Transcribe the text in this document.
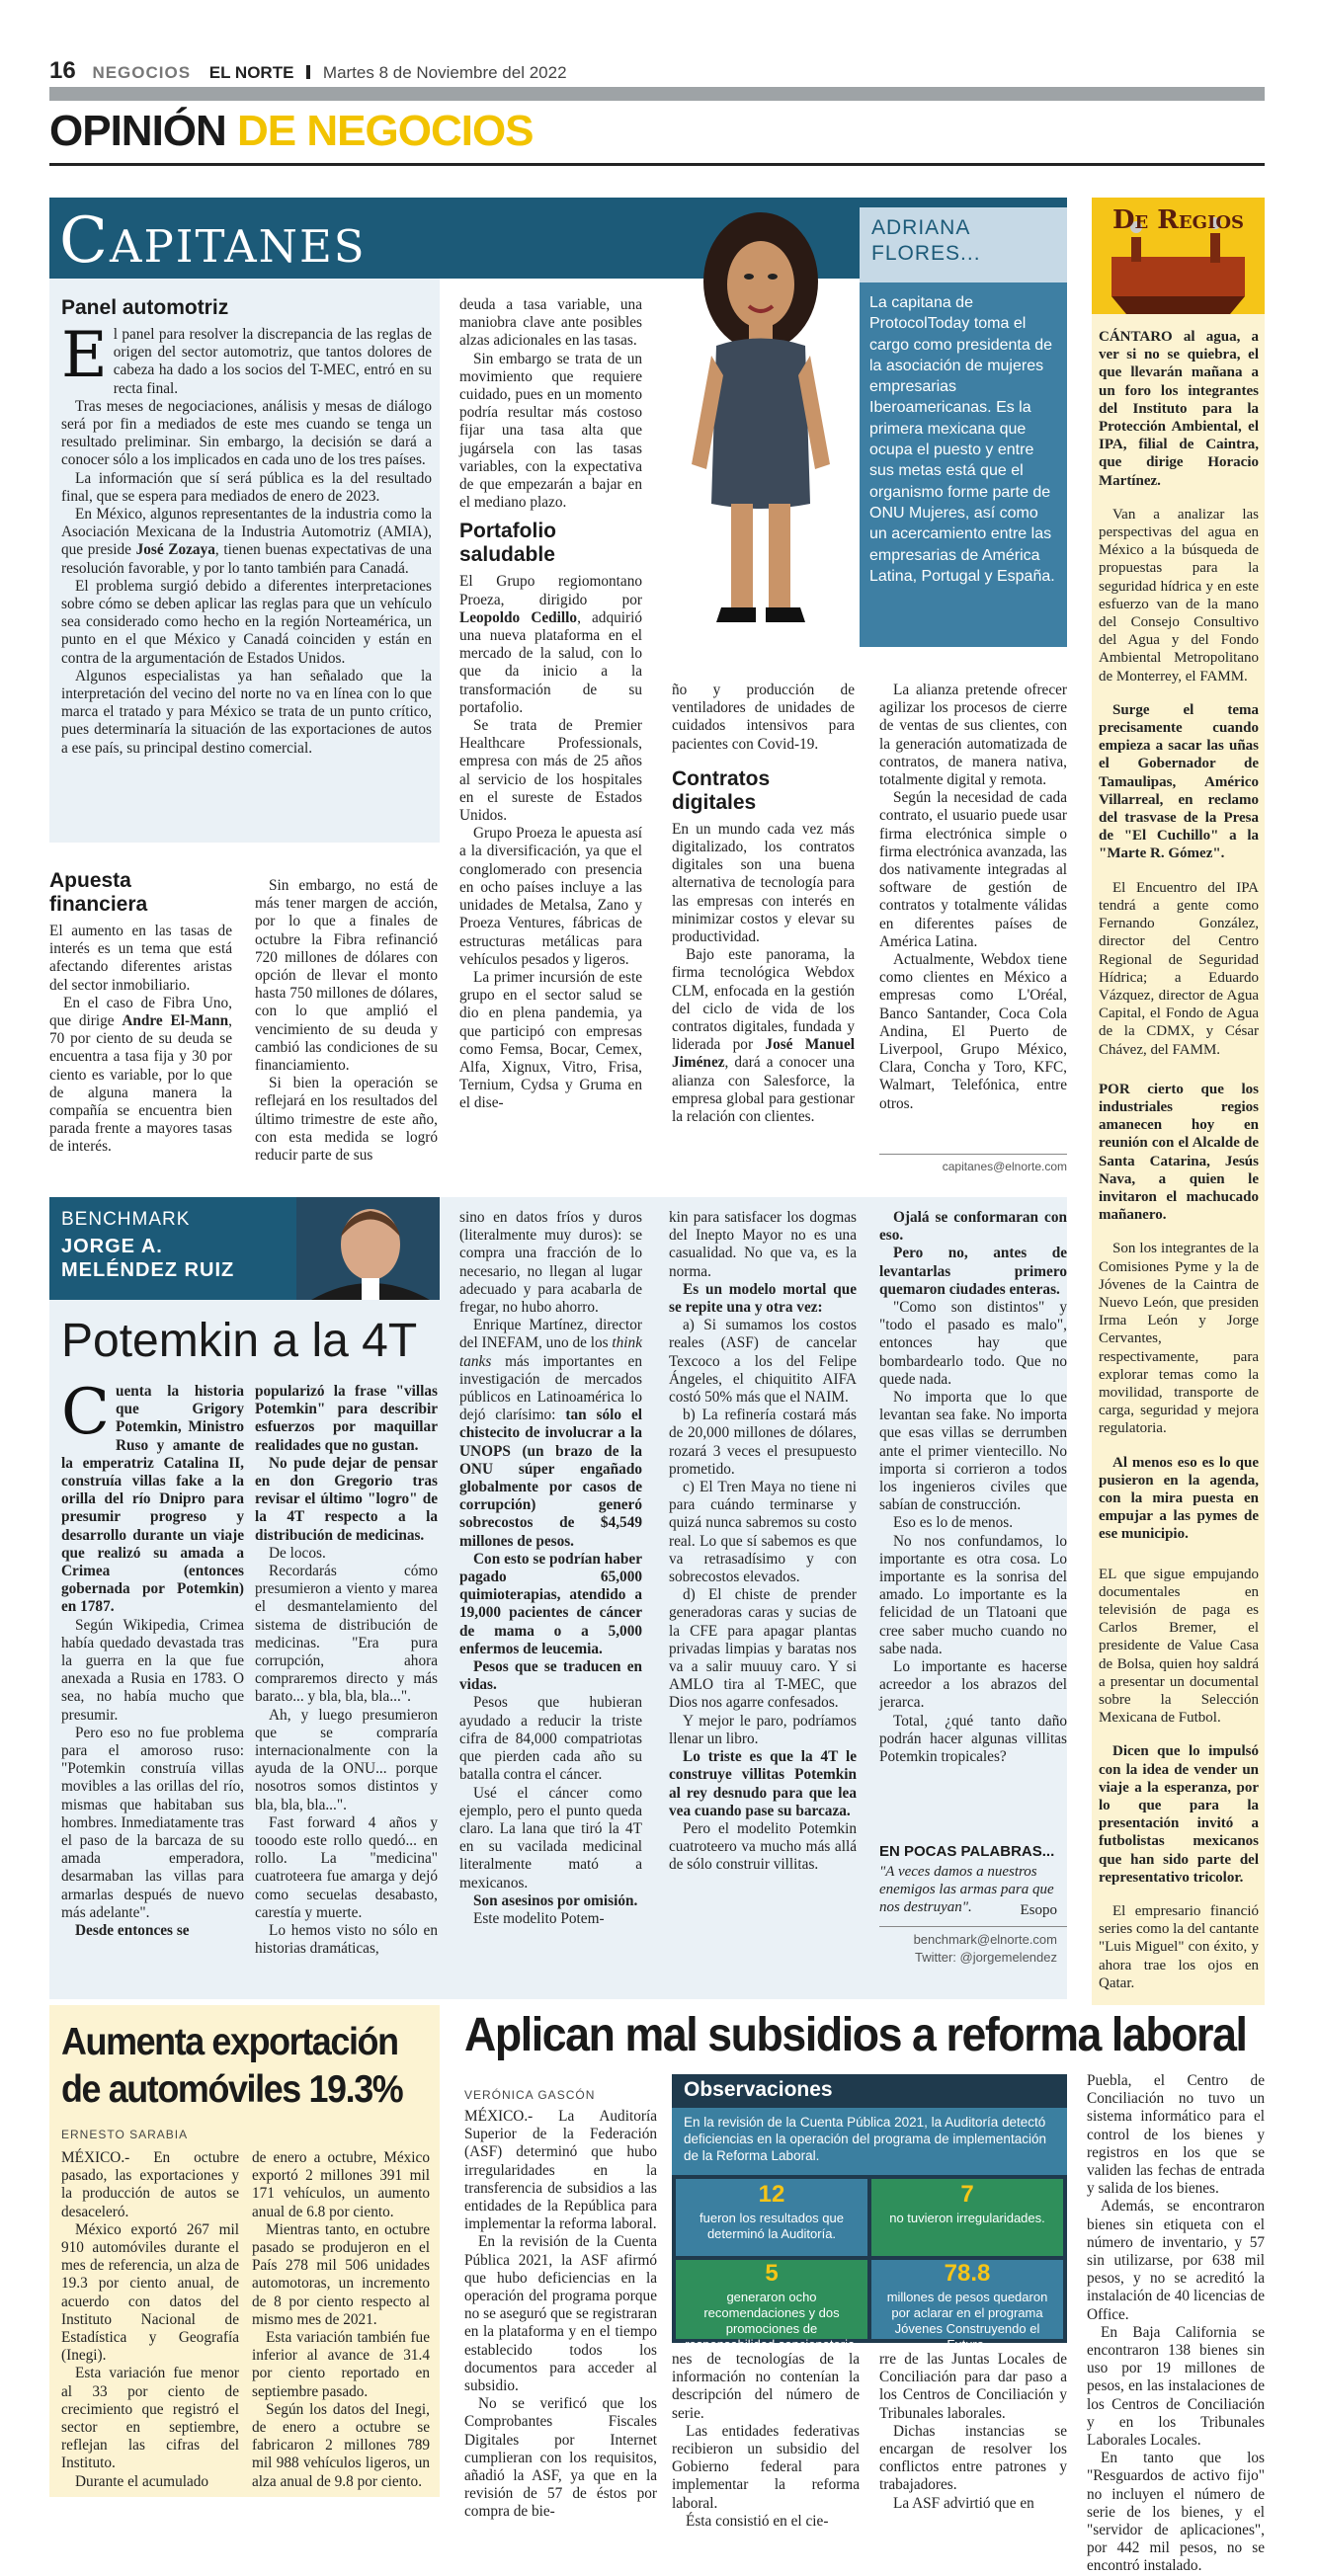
16 NEGOCIOS EL NORTE Martes 8 de Noviembre del 2022
OPINIÓN DE NEGOCIOS
Capitanes
Panel automotriz

El panel para resolver la discrepancia de las reglas de origen del sector automotriz, que tantos dolores de cabeza ha dado a los socios del T-MEC, entró en su recta final.

Tras meses de negociaciones, análisis y mesas de diálogo será por fin a mediados de este mes cuando se tenga un resultado preliminar. Sin embargo, la decisión se dará a conocer sólo a los implicados en cada uno de los tres países.

La información que sí será pública es la del resultado final, que se espera para mediados de enero de 2023.

En México, algunos representantes de la industria como la Asociación Mexicana de la Industria Automotriz (AMIA), que preside José Zozaya, tienen buenas expectativas de una resolución favorable, y por lo tanto también para Canadá.

El problema surgió debido a diferentes interpretaciones sobre cómo se deben aplicar las reglas para que un vehículo sea considerado como hecho en la región Norteamérica, un punto en el que México y Canadá coinciden y están en contra de la argumentación de Estados Unidos.

Algunos especialistas ya han señalado que la interpretación del vecino del norte no va en línea con lo que marca el tratado y para México se trata de un punto crítico, pues determinaría la situación de las exportaciones de autos a ese país, su principal destino comercial.

Apuesta financiera

El aumento en las tasas de interés es un tema que está afectando diferentes aristas del sector inmobiliario.

En el caso de Fibra Uno, que dirige Andre El-Mann, 70 por ciento de su deuda se encuentra a tasa fija y 30 por ciento es variable, por lo que de alguna manera la compañía se encuentra bien parada frente a mayores tasas de interés.

Sin embargo, no está de más tener margen de acción, por lo que a finales de octubre la Fibra refinanció 720 millones de dólares con opción de llevar el monto hasta 750 millones de dólares, con lo que amplió el vencimiento de su deuda y cambió las condiciones de su financiamiento.

Si bien la operación se reflejará en los resultados del último trimestre de este año, con esta medida se logró reducir parte de sus

deuda a tasa variable, una maniobra clave ante posibles alzas adicionales en las tasas.

Sin embargo se trata de un movimiento que requiere cuidado, pues en un momento podría resultar más costoso fijar una tasa alta que jugársela con las tasas variables, con la expectativa de que empezarán a bajar en el mediano plazo.

Portafolio saludable

El Grupo regiomontano Proeza, dirigido por Leopoldo Cedillo, adquirió una nueva plataforma en el mercado de la salud, con lo que da inicio a la transformación de su portafolio.

Se trata de Premier Healthcare Professionals, empresa con más de 25 años al servicio de los hospitales en el sureste de Estados Unidos.

Grupo Proeza le apuesta así a la diversificación, ya que el conglomerado con presencia en ocho países incluye a las unidades de Metalsa, Zano y Proeza Ventures, fábricas de estructuras metálicas para vehículos pesados y ligeros.

La primer incursión de este grupo en el sector salud se dio en plena pandemia, ya que participó con empresas como Femsa, Bocar, Cemex, Alfa, Xignux, Vitro, Frisa, Ternium, Cydsa y Gruma en el dise-

ADRIANA FLORES...
La capitana de ProtocolToday toma el cargo como presidenta de la asociación de mujeres empresarias Iberoamericanas. Es la primera mexicana que ocupa el puesto y entre sus metas está que el organismo forme parte de ONU Mujeres, así como un acercamiento entre las empresarias de América Latina, Portugal y España.

ño y producción de ventiladores de unidades de cuidados intensivos para pacientes con Covid-19.

Contratos digitales

En un mundo cada vez más digitalizado, los contratos digitales son una buena alternativa de tecnología para las empresas con interés en minimizar costos y elevar su productividad.

Bajo este panorama, la firma tecnológica Webdox CLM, enfocada en la gestión del ciclo de vida de los contratos digitales, fundada y liderada por José Manuel Jiménez, dará a conocer una alianza con Salesforce, la empresa global para gestionar la relación con clientes.

La alianza pretende ofrecer agilizar los procesos de cierre de ventas de sus clientes, con la generación automatizada de contratos, de manera nativa, totalmente digital y remota.

Según la necesidad de cada contrato, el usuario puede usar firma electrónica simple o firma electrónica avanzada, las dos nativamente integradas al software de gestión de contratos y totalmente válidas en diferentes países de América Latina.

Actualmente, Webdox tiene como clientes en México a empresas como L'Oréal, Banco Santander, Coca Cola Andina, El Puerto de Liverpool, Grupo México, Clara, Concha y Toro, KFC, Walmart, Telefónica, entre otros.

capitanes@elnorte.com
De Regios

CÁNTARO al agua, a ver si no se quiebra, el que llevarán mañana a un foro los integrantes del Instituto para la Protección Ambiental, el IPA, filial de Caintra, que dirige Horacio Martínez.

Van a analizar las perspectivas del agua en México a la búsqueda de propuestas para la seguridad hídrica y en este esfuerzo van de la mano del Consejo Consultivo del Agua y del Fondo Ambiental Metropolitano de Monterrey, el FAMM.

Surge el tema precisamente cuando empieza a sacar las uñas el Gobernador de Tamaulipas, Américo Villarreal, en reclamo del trasvase de la Presa de "El Cuchillo" a la "Marte R. Gómez".

El Encuentro del IPA tendrá a gente como Fernando González, director del Centro Regional de Seguridad Hídrica; a Eduardo Vázquez, director de Agua Capital, el Fondo de Agua de la CDMX, y César Chávez, del FAMM.

POR cierto que los industriales regios amanecen hoy en reunión con el Alcalde de Santa Catarina, Jesús Nava, a quien le invitaron el machucado mañanero.

Son los integrantes de la Comisiones Pyme y la de Jóvenes de la Caintra de Nuevo León, que presiden Irma León y Jorge Cervantes, respectivamente, para explorar temas como la movilidad, transporte de carga, seguridad y mejora regulatoria.

Al menos eso es lo que pusieron en la agenda, con la mira puesta en empujar a las pymes de ese municipio.

EL que sigue empujando documentales en televisión de paga es Carlos Bremer, el presidente de Value Casa de Bolsa, quien hoy saldrá a presentar un documental sobre la Selección Mexicana de Futbol.

Dicen que lo impulsó con la idea de vender un viaje a la esperanza, por lo que para la presentación invitó a futbolistas mexicanos que han sido parte del representativo tricolor.

El empresario financió series como la del cantante "Luis Miguel" con éxito, y ahora trae los ojos en Qatar.

BENCHMARK
JORGE A. MELÉNDEZ RUIZ
Potemkin a la 4T

Cuenta la historia que Grigory Potemkin, Ministro Ruso y amante de la emperatriz Catalina II, construía villas fake a la orilla del río Dnipro para presumir progreso y desarrollo durante un viaje que realizó su amada a Crimea (entonces gobernada por Potemkin) en 1787.

Según Wikipedia, Crimea había quedado devastada tras la guerra en la que fue anexada a Rusia en 1783. O sea, no había mucho que presumir.

Pero eso no fue problema para el amoroso ruso: "Potemkin construía villas movibles a las orillas del río, mismas que habitaban sus hombres. Inmediatamente tras el paso de la barcaza de su amada emperadora, desarmaban las villas para armarlas después de nuevo más adelante".

Desde entonces se

popularizó la frase "villas Potemkin" para describir esfuerzos por maquillar realidades que no gustan.

No pude dejar de pensar en don Gregorio tras revisar el último "logro" de la 4T respecto a la distribución de medicinas.

De locos.

Recordarás cómo presumieron a viento y marea el desmantelamiento del sistema de distribución de medicinas. "Era pura corrupción, ahora compraremos directo y más barato... y bla, bla, bla...".

Ah, y luego presumieron que se compraría internacionalmente con la ayuda de la ONU... porque nosotros somos distintos y bla, bla, bla...".

Fast forward 4 años y tooodo este rollo quedó... en rollo. La "medicina" cuatroteera fue amarga y dejó como secuelas desabasto, carestía y muerte.

Lo hemos visto no sólo en historias dramáticas,

sino en datos fríos y duros (literalmente muy duros): se compra una fracción de lo necesario, no llegan al lugar adecuado y para acabarla de fregar, no hubo ahorro.

Enrique Martínez, director del INEFAM, uno de los think tanks más importantes en investigación de mercados públicos en Latinoamérica lo dejó clarísimo: tan sólo el chistecito de involucrar a la UNOPS (un brazo de la ONU súper engañado globalmente por casos de corrupción) generó sobrecostos de $4,549 millones de pesos.

Con esto se podrían haber pagado 65,000 quimioterapias, atendido a 19,000 pacientes de cáncer de mama o a 5,000 enfermos de leucemia.

Pesos que se traducen en vidas.

Pesos que hubieran ayudado a reducir la triste cifra de 84,000 compatriotas que pierden cada año su batalla contra el cáncer.

Usé el cáncer como ejemplo, pero el punto queda claro. La lana que tiró la 4T en su vacilada medicinal literalmente mató a mexicanos.

Son asesinos por omisión.

Este modelito Potem-

kin para satisfacer los dogmas del Inepto Mayor no es una casualidad. No que va, es la norma.

Es un modelo mortal que se repite una y otra vez:

a) Si sumamos los costos reales (ASF) de cancelar Texcoco a los del Felipe Ángeles, el chiquitito AIFA costó 50% más que el NAIM.

b) La refinería costará más de 20,000 millones de dólares, rozará 3 veces el presupuesto prometido.

c) El Tren Maya no tiene ni para cuándo terminarse y quizá nunca sabremos su costo real. Lo que sí sabemos es que va retrasadísimo y con sobrecostos elevados.

d) El chiste de prender generadoras caras y sucias de la CFE para apagar plantas privadas limpias y baratas nos va a salir muuuy caro. Y si AMLO tira al T-MEC, que Dios nos agarre confesados.

Y mejor le paro, podríamos llenar un libro.

Lo triste es que la 4T le construye villitas Potemkin al rey desnudo para que lea vea cuando pase su barcaza.

Pero el modelito Potemkin cuatroteero va mucho más allá de sólo construir villitas.

Ojalá se conformaran con eso.

Pero no, antes de levantarlas primero quemaron ciudades enteras.

"Como son distintos" y "todo el pasado es malo", entonces hay que bombardearlo todo. Que no quede nada.

No importa que lo que levantan sea fake. No importa que esas villas se derrumben ante el primer vientecillo. No importa si corrieron a todos los ingenieros civiles que sabían de construcción.

Eso es lo de menos.

No nos confundamos, lo importante es otra cosa. Lo importante es la sonrisa del amado. Lo importante es la felicidad de un Tlatoani que cree saber mucho cuando no sabe nada.

Lo importante es hacerse acreedor a los abrazos del jerarca.

Total, ¿qué tanto daño podrán hacer algunas villitas Potemkin tropicales?

EN POCAS PALABRAS...
"A veces damos a nuestros enemigos las armas para que nos destruyan".	Esopo
benchmark@elnorte.com
Twitter: @jorgemelendez
Aumenta exportación de automóviles 19.3%
ERNESTO SARABIA

MÉXICO.- En octubre pasado, las exportaciones y la producción de autos se desaceleró.

México exportó 267 mil 910 automóviles durante el mes de referencia, un alza de 19.3 por ciento anual, de acuerdo con datos del Instituto Nacional de Estadística y Geografía (Inegi).

Esta variación fue menor al 33 por ciento de crecimiento que registró el sector en septiembre, reflejan las cifras del Instituto.

Durante el acumulado

de enero a octubre, México exportó 2 millones 391 mil 171 vehículos, un aumento anual de 6.8 por ciento.

Mientras tanto, en octubre pasado se produjeron en el País 278 mil 506 unidades automotoras, un incremento de 8 por ciento respecto al mismo mes de 2021.

Esta variación también fue inferior al avance de 31.4 por ciento reportado en septiembre pasado.

Según los datos del Inegi, de enero a octubre se fabricaron 2 millones 789 mil 988 vehículos ligeros, un alza anual de 9.8 por ciento.

Aplican mal subsidios a reforma laboral
VERÓNICA GASCÓN

MÉXICO.- La Auditoría Superior de la Federación (ASF) determinó que hubo irregularidades en la transferencia de subsidios a las entidades de la República para implementar la reforma laboral.

En la revisión de la Cuenta Pública 2021, la ASF afirmó que hubo deficiencias en la operación del programa porque no se aseguró que se registraran en la plataforma y en el tiempo establecido todos los documentos para acceder al subsidio.

No se verificó que los Comprobantes Fiscales Digitales por Internet cumplieran con los requisitos, añadió la ASF, ya que en la revisión de 57 de éstos por compra de bie-

Observaciones
En la revisión de la Cuenta Pública 2021, la Auditoría detectó deficiencias en la operación del programa de implementación de la Reforma Laboral.
12
fueron los resultados que determinó la Auditoría.
7
no tuvieron irregularidades.
5
generaron ocho recomendaciones y dos promociones de responsabilidad sancionatoria.
78.8
millones de pesos quedaron por aclarar en el programa Jóvenes Construyendo el Futuro.

nes de tecnologías de la información no contenían la descripción del número de serie.

Las entidades federativas recibieron un subsidio del Gobierno federal para implementar la reforma laboral.

Ésta consistió en el cie-

rre de las Juntas Locales de Conciliación para dar paso a los Centros de Conciliación y Tribunales laborales.

Dichas instancias se encargan de resolver los conflictos entre patrones y trabajadores.

La ASF advirtió que en

Puebla, el Centro de Conciliación no tuvo un sistema informático para el control de los bienes y registros en los que se validen las fechas de entrada y salida de los bienes.

Además, se encontraron bienes sin etiqueta con el número de inventario, y 57 sin utilizarse, por 638 mil pesos, y no se acreditó la instalación de 40 licencias de Office.

En Baja California se encontraron 138 bienes sin uso por 19 millones de pesos, en las instalaciones de los Centros de Conciliación y en los Tribunales Laborales Locales.

En tanto que los "Resguardos de activo fijo" no incluyen el número de serie de los bienes, y el "servidor de aplicaciones", por 442 mil pesos, no se encontró instalado.
